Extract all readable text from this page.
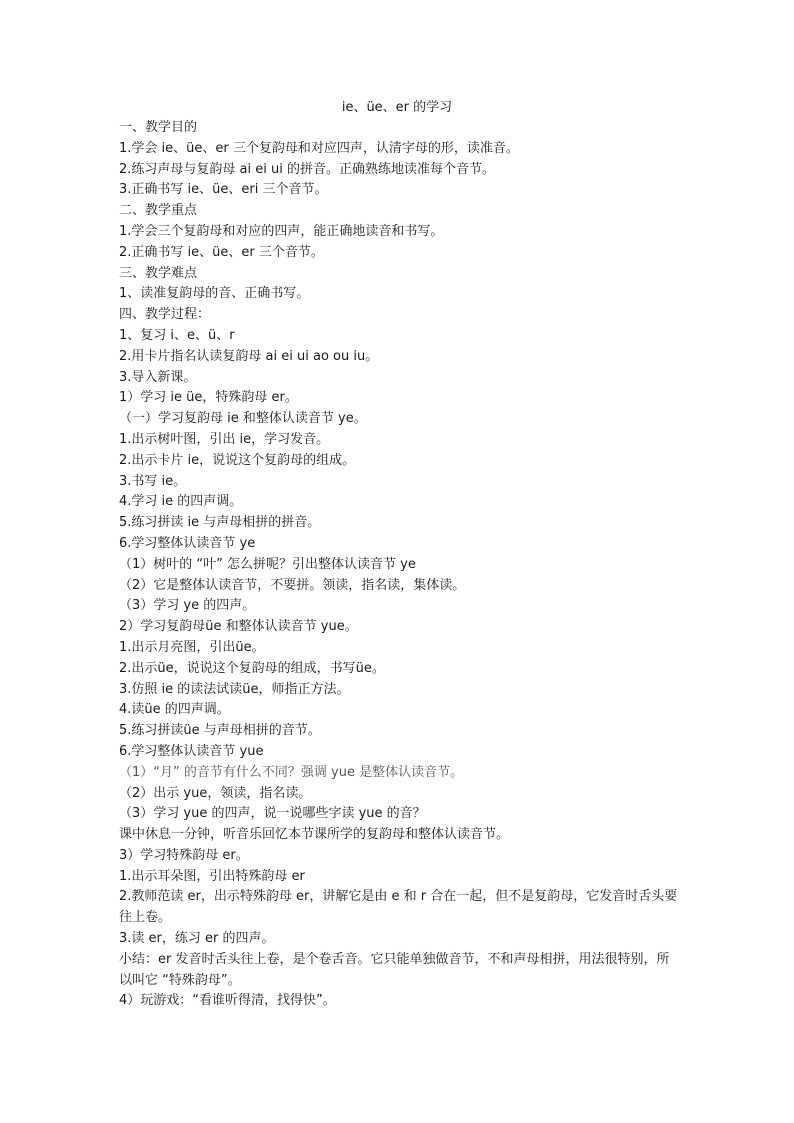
ie、üe、er 的学习

一、教学目的

1.学会 ie、üe、er 三个复韵母和对应四声，认清字母的形，读准音。

2.练习声母与复韵母 ai ei ui 的拼音。正确熟练地读准每个音节。

3.正确书写 ie、üe、eri 三个音节。

二、教学重点

1.学会三个复韵母和对应的四声，能正确地读音和书写。

2.正确书写 ie、üe、er 三个音节。

三、教学难点

1、读准复韵母的音、正确书写。

四、教学过程：

1、复习 i、e、ü、r

2.用卡片指名认读复韵母 ai ei ui ao ou iu。

3.导入新课。

1）学习 ie üe，特殊韵母 er。

（一）学习复韵母 ie 和整体认读音节 ye。

1.出示树叶图，引出 ie，学习发音。

2.出示卡片 ie，说说这个复韵母的组成。

3.书写 ie。

4.学习 ie 的四声调。

5.练习拼读 ie 与声母相拼的拼音。

6.学习整体认读音节 ye

（1）树叶的 “叶” 怎么拼呢？引出整体认读音节 ye

（2）它是整体认读音节，不要拼。领读，指名读，集体读。

（3）学习 ye 的四声。

2）学习复韵母üe 和整体认读音节 yue。

1.出示月亮图，引出üe。

2.出示üe，说说这个复韵母的组成，书写üe。

3.仿照 ie 的读法试读üe，师指正方法。

4.读üe 的四声调。

5.练习拼读üe 与声母相拼的音节。

6.学习整体认读音节 yue

（1）“月” 的音节有什么不同？强调 yue 是整体认读音节。

（2）出示 yue，领读，指名读。

（3）学习 yue 的四声，说一说哪些字读 yue 的音？

课中休息一分钟，听音乐回忆本节课所学的复韵母和整体认读音节。

3）学习特殊韵母 er。

1.出示耳朵图，引出特殊韵母 er

2.教师范读 er，出示特殊韵母 er，讲解它是由 e 和 r 合在一起，但不是复韵母，它发音时舌头要往上卷。

3.读 er，练习 er 的四声。

小结：er 发音时舌头往上卷，是个卷舌音。它只能单独做音节，不和声母相拼，用法很特别，所以叫它 “特殊韵母”。

4）玩游戏：“看谁听得清，找得快”。
